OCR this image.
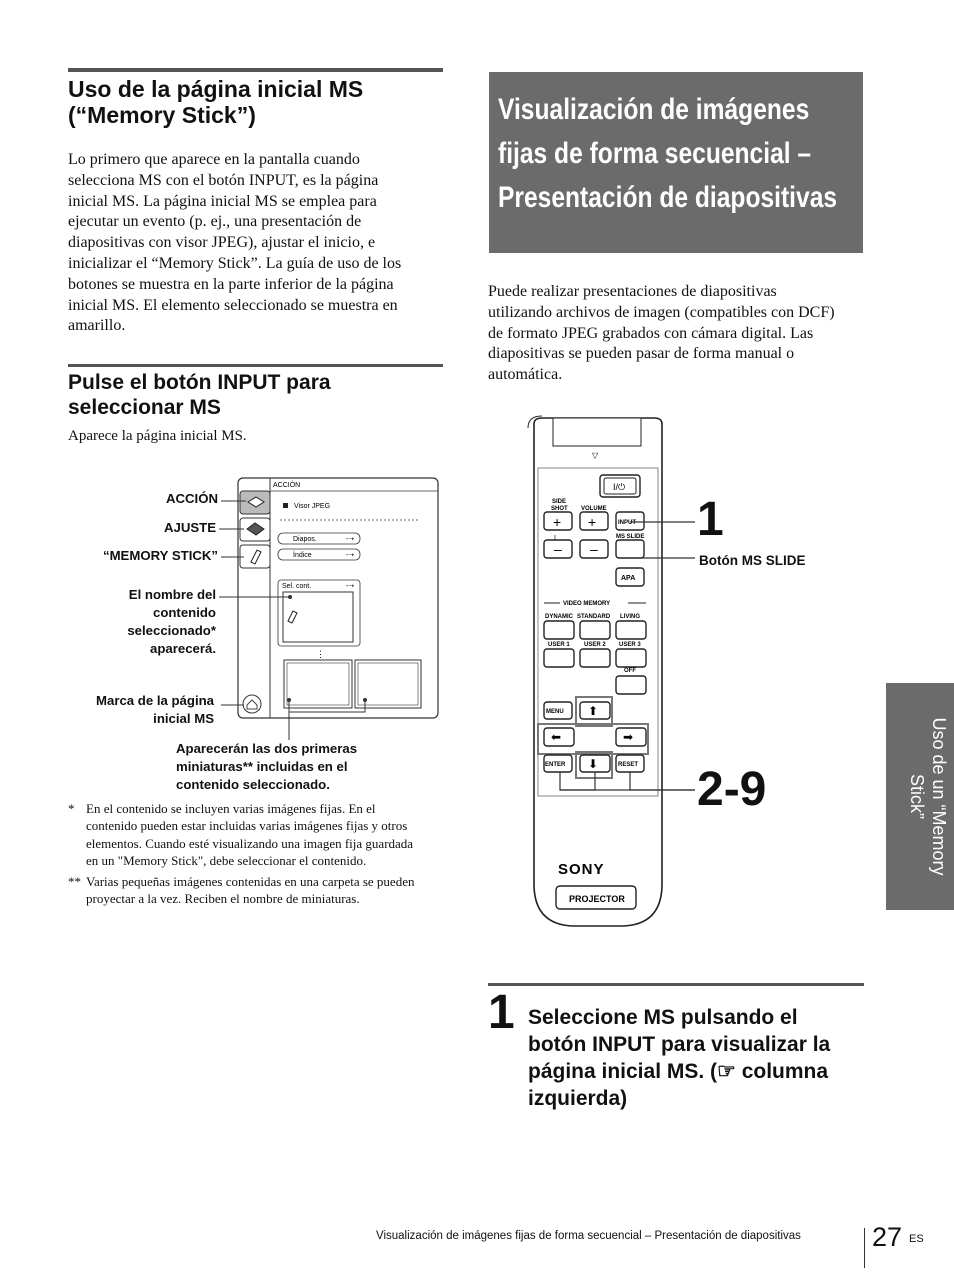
Uso de la página inicial MS
(“Memory Stick”)
Lo primero que aparece en la pantalla cuando
selecciona MS con el botón INPUT, es la página
inicial MS. La página inicial MS se emplea para
ejecutar un evento (p. ej., una presentación de
diapositivas con visor JPEG), ajustar el inicio, e
inicializar el “Memory Stick”. La guía de uso de los
botones se muestra en la parte inferior de la página
inicial MS. El elemento seleccionado se muestra en
amarillo.
Pulse el botón INPUT para
seleccionar MS
Aparece la página inicial MS.
ACCIÓN
Visor JPEG
Diapos.	-➝
Índice	-➝
Sel. cont.	-➝
⋮
ACCIÓN
AJUSTE
“MEMORY STICK”
El nombre del
contenido
seleccionado*
aparecerá.
Marca de la página
inicial MS
Aparecerán las dos primeras
miniaturas** incluidas en el
contenido seleccionado.
* En el contenido se incluyen varias imágenes fijas. En el
contenido pueden estar incluidas varias imágenes fijas y otros
elementos. Cuando esté visualizando una imagen fija guardada
en un "Memory Stick", debe seleccionar el contenido.
** Varias pequeñas imágenes contenidas en una carpeta se pueden
proyectar a la vez. Reciben el nombre de miniaturas.
Visualización de imágenes
fijas de forma secuencial –
Presentación de diapositivas
Puede realizar presentaciones de diapositivas
utilizando archivos de imagen (compatibles con DCF)
de formato JPEG grabados con cámara digital. Las
diapositivas se pueden pasar de forma manual o
automática.
▽
I/⏻
SIDE
SHOT VOLUME
+ +	INPUT
I	MS SLIDE
– –
APA
VIDEO MEMORY
DYNAMIC STANDARD LIVING
USER 1 USER 2 USER 3
OFF
MENU ⬆
⬅	➡
ENTER ⬇	RESET
SONY
PROJECTOR
1
2-9
Botón MS SLIDE
Uso de un “Memory
Stick”
1 Seleccione MS pulsando el
botón INPUT para visualizar la
página inicial MS. (☞ columna
izquierda)
Visualización de imágenes fijas de forma secuencial – Presentación de diapositivas	27 ES
